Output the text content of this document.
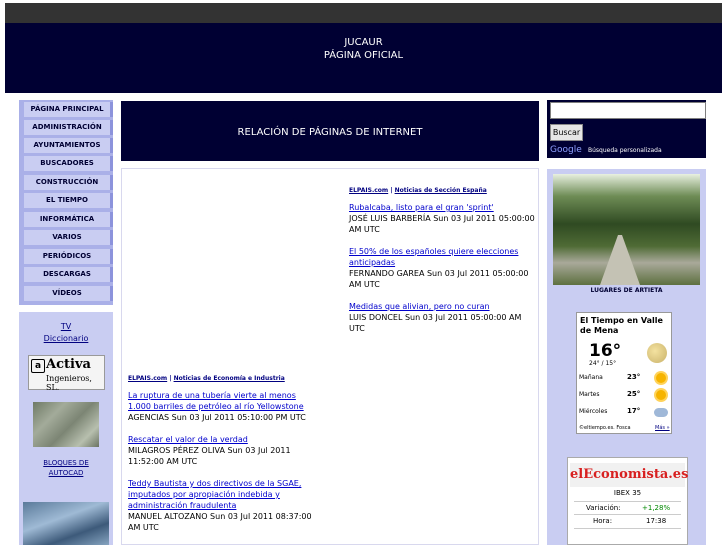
JUCAUR
PÁGINA OFICIAL
PÁGINA PRINCIPAL
ADMINISTRACIÓN
AYUNTAMIENTOS
BUSCADORES
CONSTRUCCIÓN
EL TIEMPO
INFORMÁTICA
VARIOS
PERIÓDICOS
DESCARGAS
VÍDEOS
TV
Diccionario
BLOQUES DE AUTOCAD
a Activa
Ingenieros, SL.
RELACIÓN DE PÁGINAS DE INTERNET
ELPAIS.com | Noticias de Sección España
Rubalcaba, listo para el gran 'sprint'
JOSÉ LUIS BARBERÍA Sun 03 Jul 2011 05:00:00 AM UTC
El 50% de los españoles quiere elecciones anticipadas
FERNANDO GAREA Sun 03 Jul 2011 05:00:00 AM UTC
Medidas que alivian, pero no curan
LUIS DONCEL Sun 03 Jul 2011 05:00:00 AM UTC
ELPAIS.com | Noticias de Economía e Industria
La ruptura de una tubería vierte al menos 1.000 barriles de petróleo al río Yellowstone
AGENCIAS Sun 03 Jul 2011 05:10:00 PM UTC
Rescatar el valor de la verdad
MILAGROS PÉREZ OLIVA Sun 03 Jul 2011 11:52:00 AM UTC
Teddy Bautista y dos directivos de la SGAE, imputados por apropiación indebida y administración fraudulenta
MANUEL ALTOZANO Sun 03 Jul 2011 08:37:00 AM UTC
Buscar
Google Búsqueda personalizada
LUGARES DE ARTIETA
El Tiempo en Valle de Mena
16°
24° / 15°
Mañana	23°
Martes	25°
Miércoles	17°
©eltiempo.es. Fosca	Más »
elEconomista.es
IBEX 35
Variación:	+1,28%
Hora:	17:38
